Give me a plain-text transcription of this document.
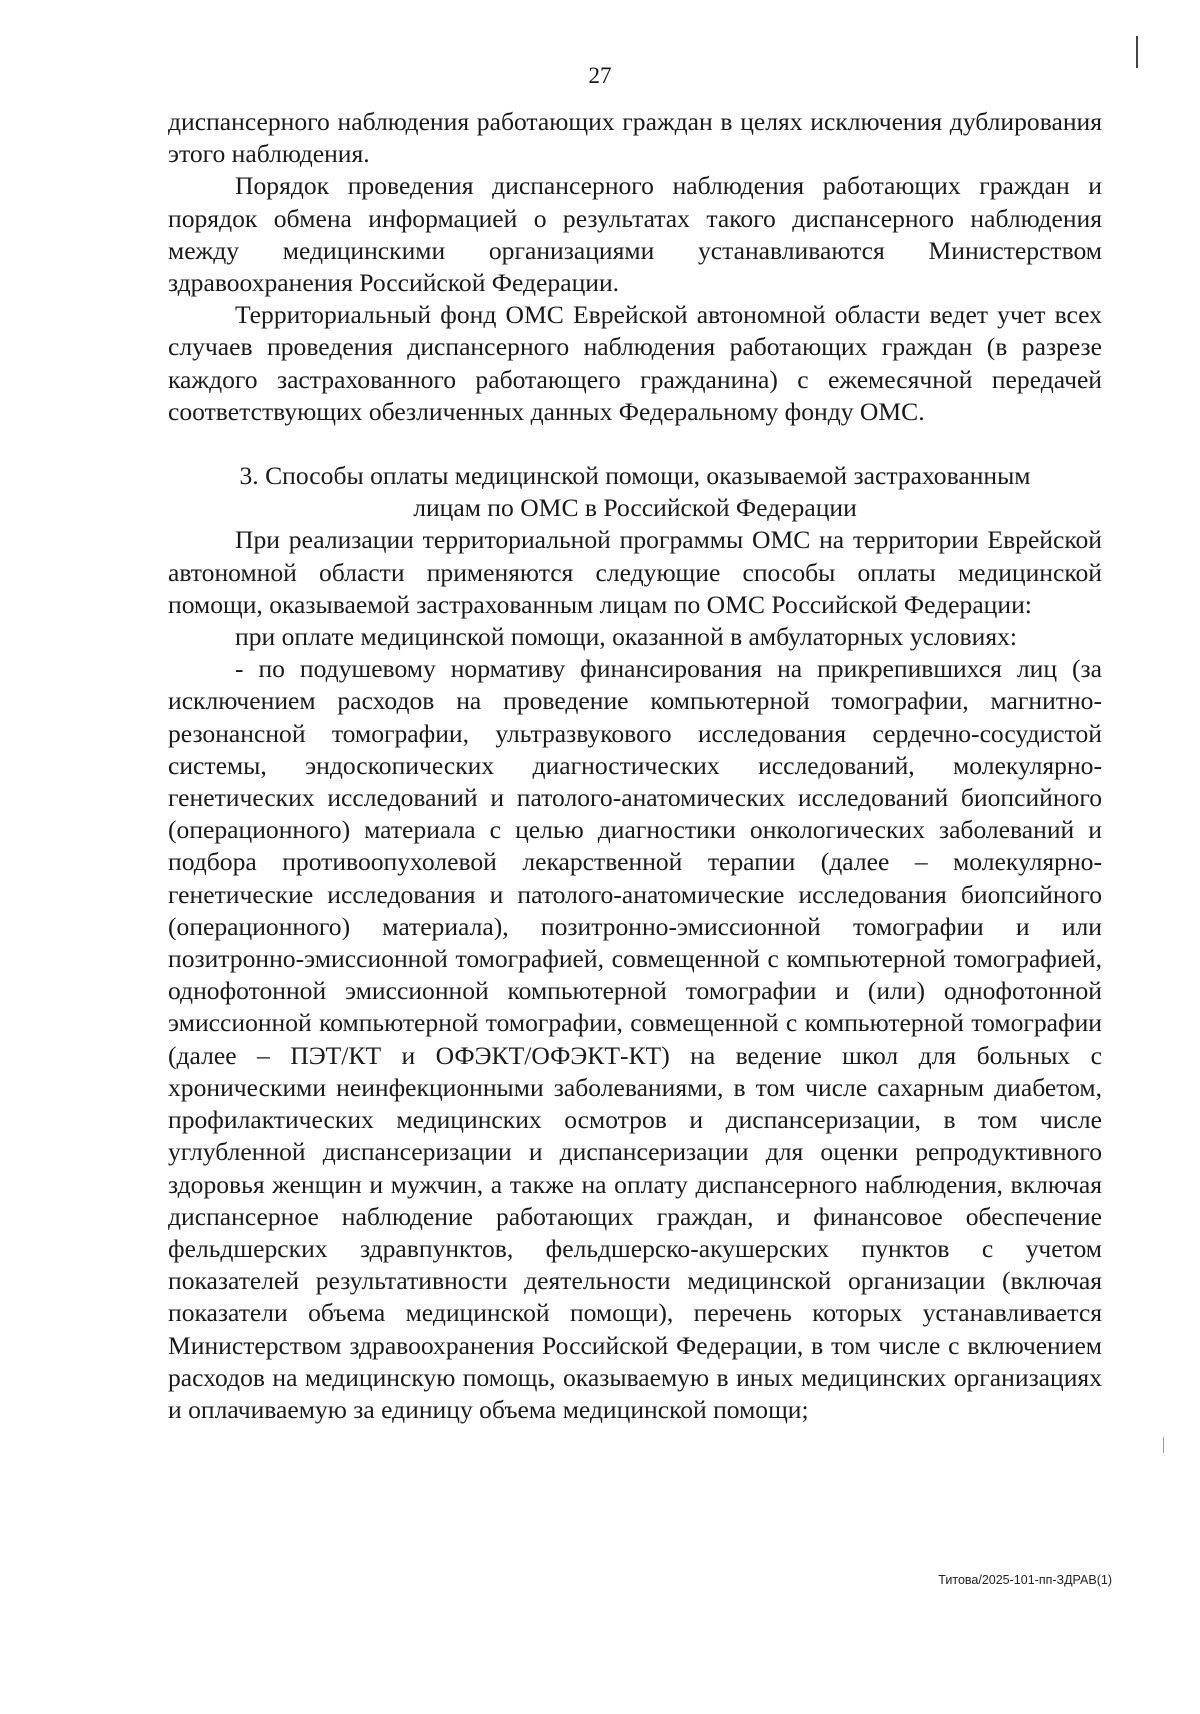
27

диспансерного наблюдения работающих граждан в целях исключения дублирования этого наблюдения.

Порядок проведения диспансерного наблюдения работающих граждан и порядок обмена информацией о результатах такого диспансерного наблюдения между медицинскими организациями устанавливаются Министерством здравоохранения Российской Федерации.

Территориальный фонд ОМС Еврейской автономной области ведет учет всех случаев проведения диспансерного наблюдения работающих граждан (в разрезе каждого застрахованного работающего гражданина) с ежемесячной передачей соответствующих обезличенных данных Федеральному фонду ОМС.

3. Способы оплаты медицинской помощи, оказываемой застрахованным
лицам по ОМС в Российской Федерации

При реализации территориальной программы ОМС на территории Еврейской автономной области применяются следующие способы оплаты медицинской помощи, оказываемой застрахованным лицам по ОМС Российской Федерации:

при оплате медицинской помощи, оказанной в амбулаторных условиях:

- по подушевому нормативу финансирования на прикрепившихся лиц (за исключением расходов на проведение компьютерной томографии, магнитно-резонансной томографии, ультразвукового исследования сердечно-сосудистой системы, эндоскопических диагностических исследований, молекулярно-генетических исследований и патолого-анатомических исследований биопсийного (операционного) материала с целью диагностики онкологических заболеваний и подбора противоопухолевой лекарственной терапии (далее – молекулярно-генетические исследования и патолого-анатомические исследования биопсийного (операционного) материала), позитронно-эмиссионной томографии и или позитронно-эмиссионной томографией, совмещенной с компьютерной томографией, однофотонной эмиссионной компьютерной томографии и (или) однофотонной эмиссионной компьютерной томографии, совмещенной с компьютерной томографии (далее – ПЭТ/КТ и ОФЭКТ/ОФЭКТ-КТ) на ведение школ для больных с хроническими неинфекционными заболеваниями, в том числе сахарным диабетом, профилактических медицинских осмотров и диспансеризации, в том числе углубленной диспансеризации и диспансеризации для оценки репродуктивного здоровья женщин и мужчин, а также на оплату диспансерного наблюдения, включая диспансерное наблюдение работающих граждан, и финансовое обеспечение фельдшерских здравпунктов, фельдшерско-акушерских пунктов с учетом показателей результативности деятельности медицинской организации (включая показатели объема медицинской помощи), перечень которых устанавливается Министерством здравоохранения Российской Федерации, в том числе с включением расходов на медицинскую помощь, оказываемую в иных медицинских организациях и оплачиваемую за единицу объема медицинской помощи;

Титова/2025-101-пп-ЗДРАВ(1)
